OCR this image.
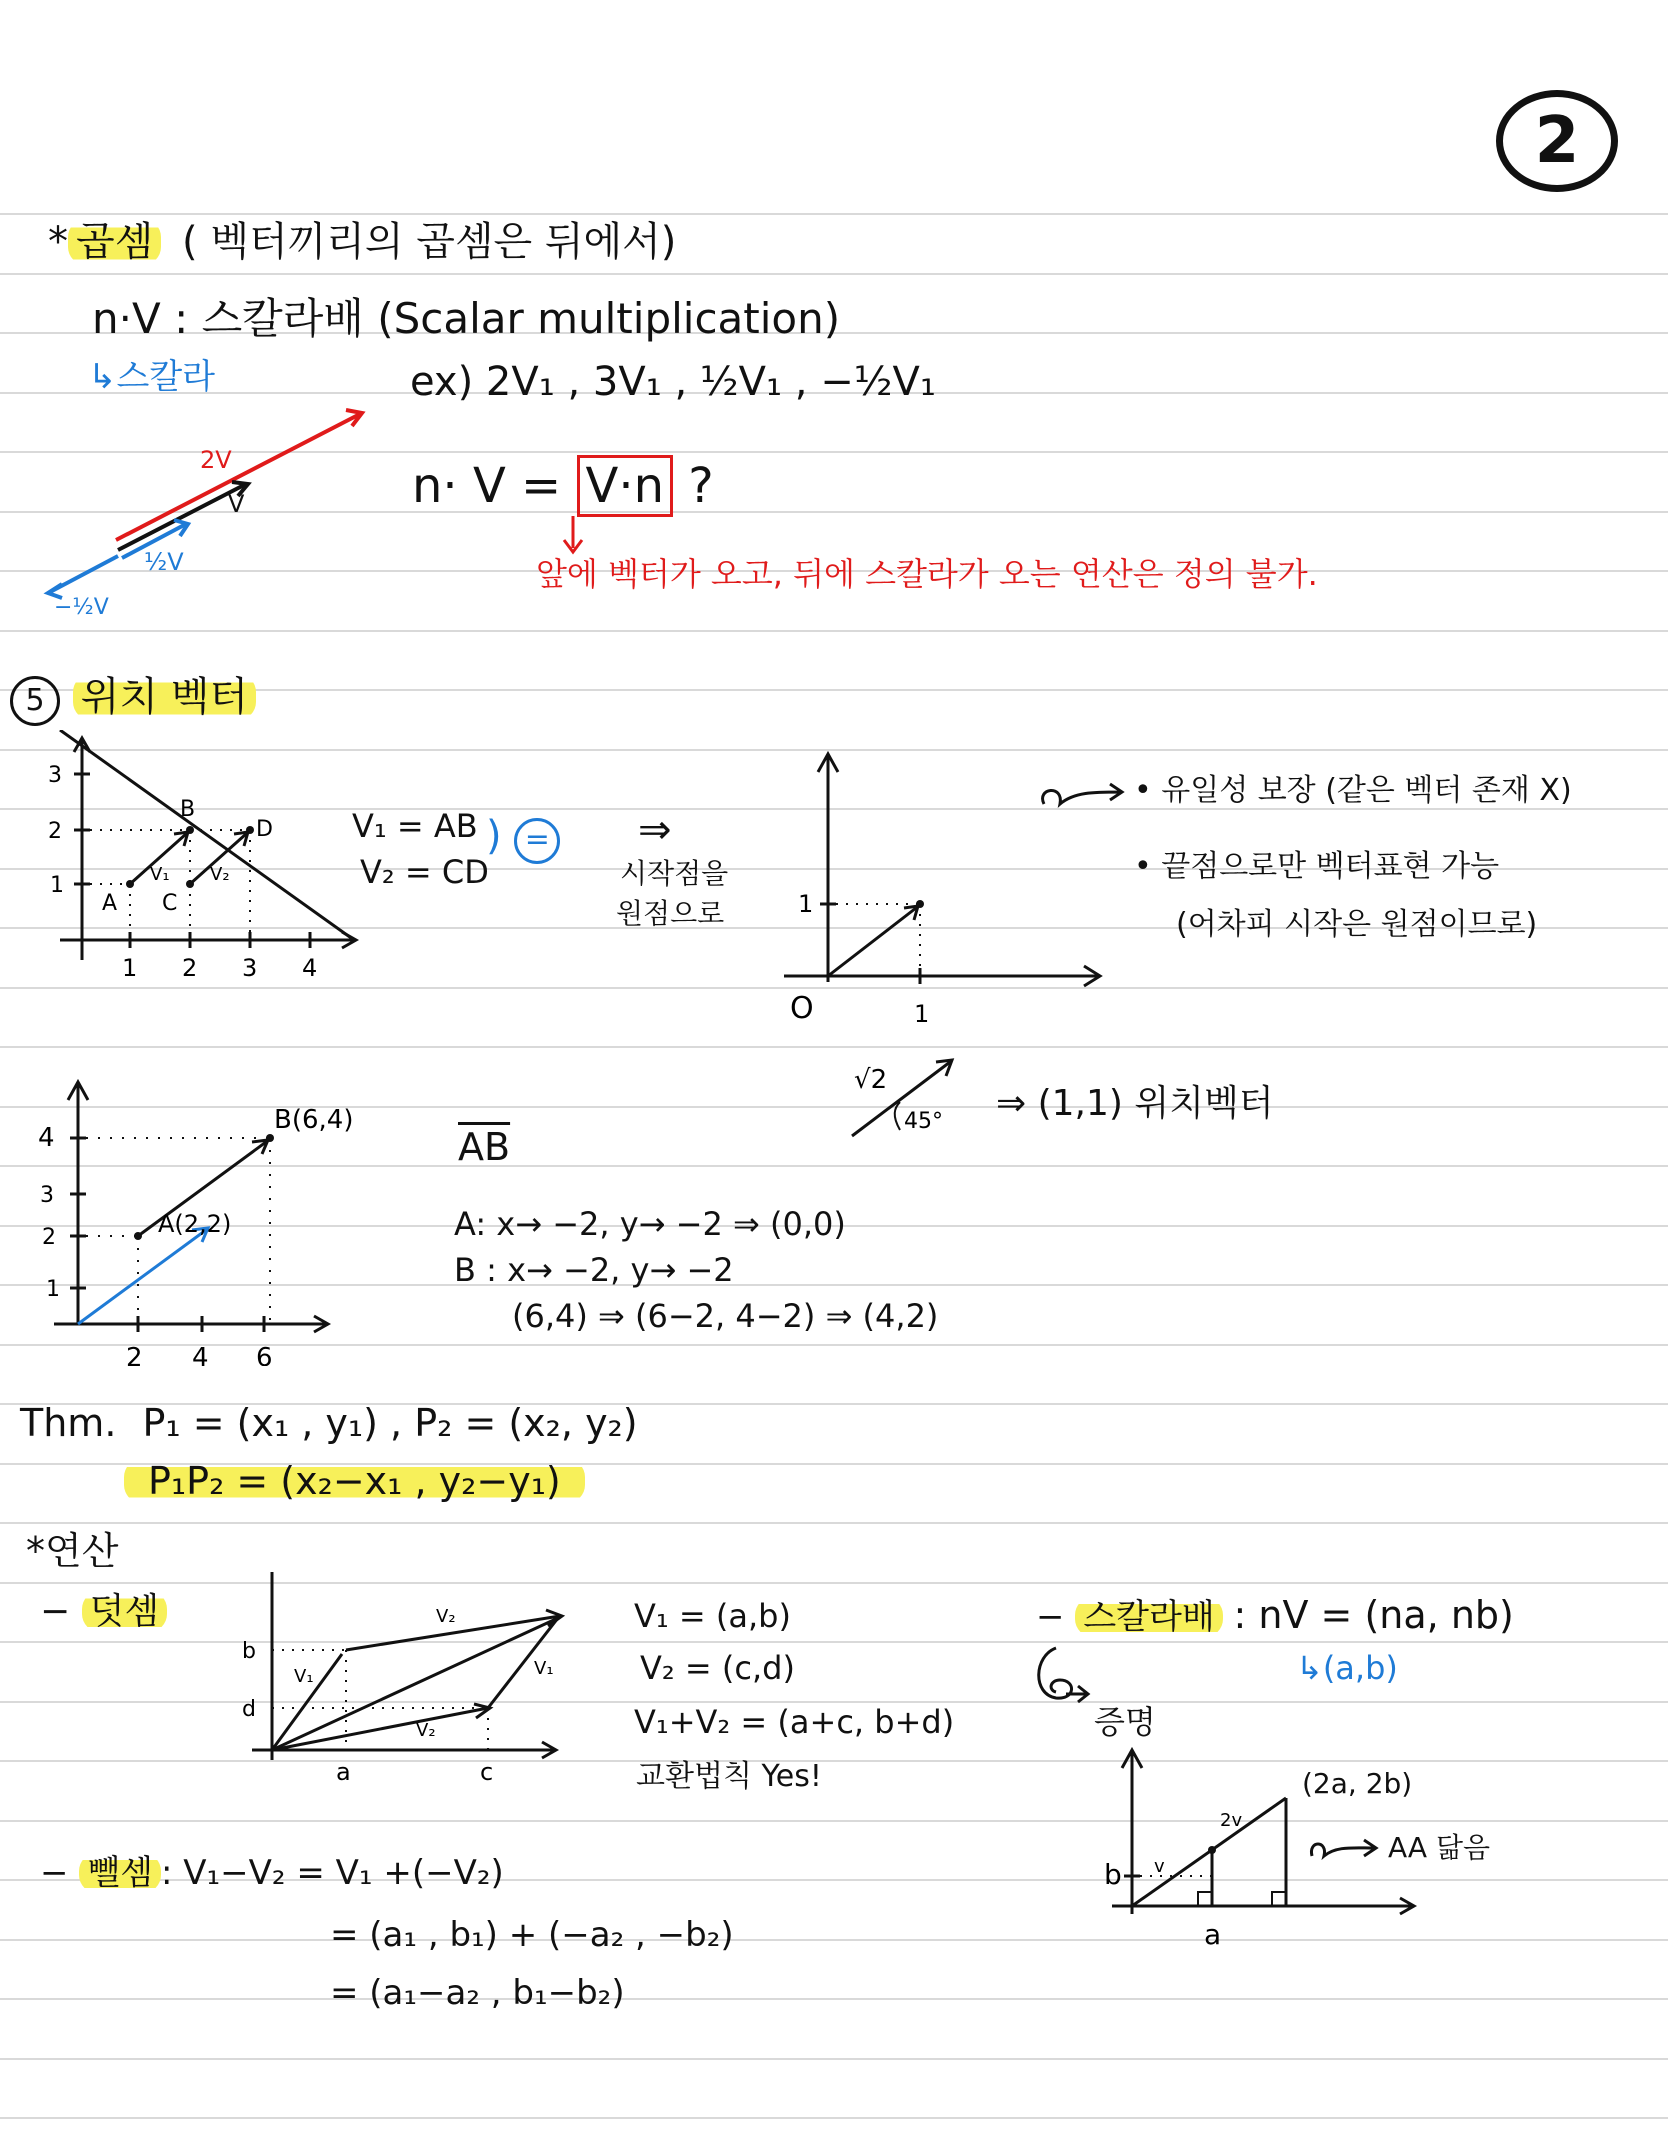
2
* 곱셈 ( 벡터끼리의 곱셈은 뒤에서)
n·V : 스칼라배 (Scalar multiplication)
↳스칼라	ex) 2V₁ , 3V₁ , ½V₁ , −½V₁
n· V = V·n ?
앞에 벡터가 오고, 뒤에 스칼라가 오는 연산은 정의 불가.
2V
V
½V
−½V
5 위치 벡터
1 2 3 4
1
2
3
A
B
C
D
V₁ V₂
V₁ = AB
V₂ = CD
) = ⇒
시작점을
원점으로
O	1
1
• 유일성 보장 (같은 벡터 존재 X)
• 끝점으로만 벡터표현 가능
(어차피 시작은 원점이므로)
√2
45° ⇒ (1,1) 위치벡터
2 4 6
1
2
3
4
A(2,2)
B(6,4)
$\overline{AB}$
A: x→ −2, y→ −2 ⇒ (0,0)
B : x→ −2, y→ −2
(6,4) ⇒ (6−2, 4−2) ⇒ (4,2)
Thm. P₁ = (x₁ , y₁) , P₂ = (x₂, y₂)
P₁P₂ = (x₂−x₁ , y₂−y₁)
*연산
− 덧셈
b
d
a	c
V₁
V₂
V₁
V₂
V₁ = (a,b)
V₂ = (c,d)
V₁+V₂ = (a+c, b+d)
교환법칙 Yes!
− 스칼라배 : nV = (na, nb)
↳(a,b)
증명
b
a
v
2v
(2a, 2b)
AA 닮음
− 뺄셈 : V₁−V₂ = V₁ +(−V₂)
= (a₁ , b₁) + (−a₂ , −b₂)
= (a₁−a₂ , b₁−b₂)
